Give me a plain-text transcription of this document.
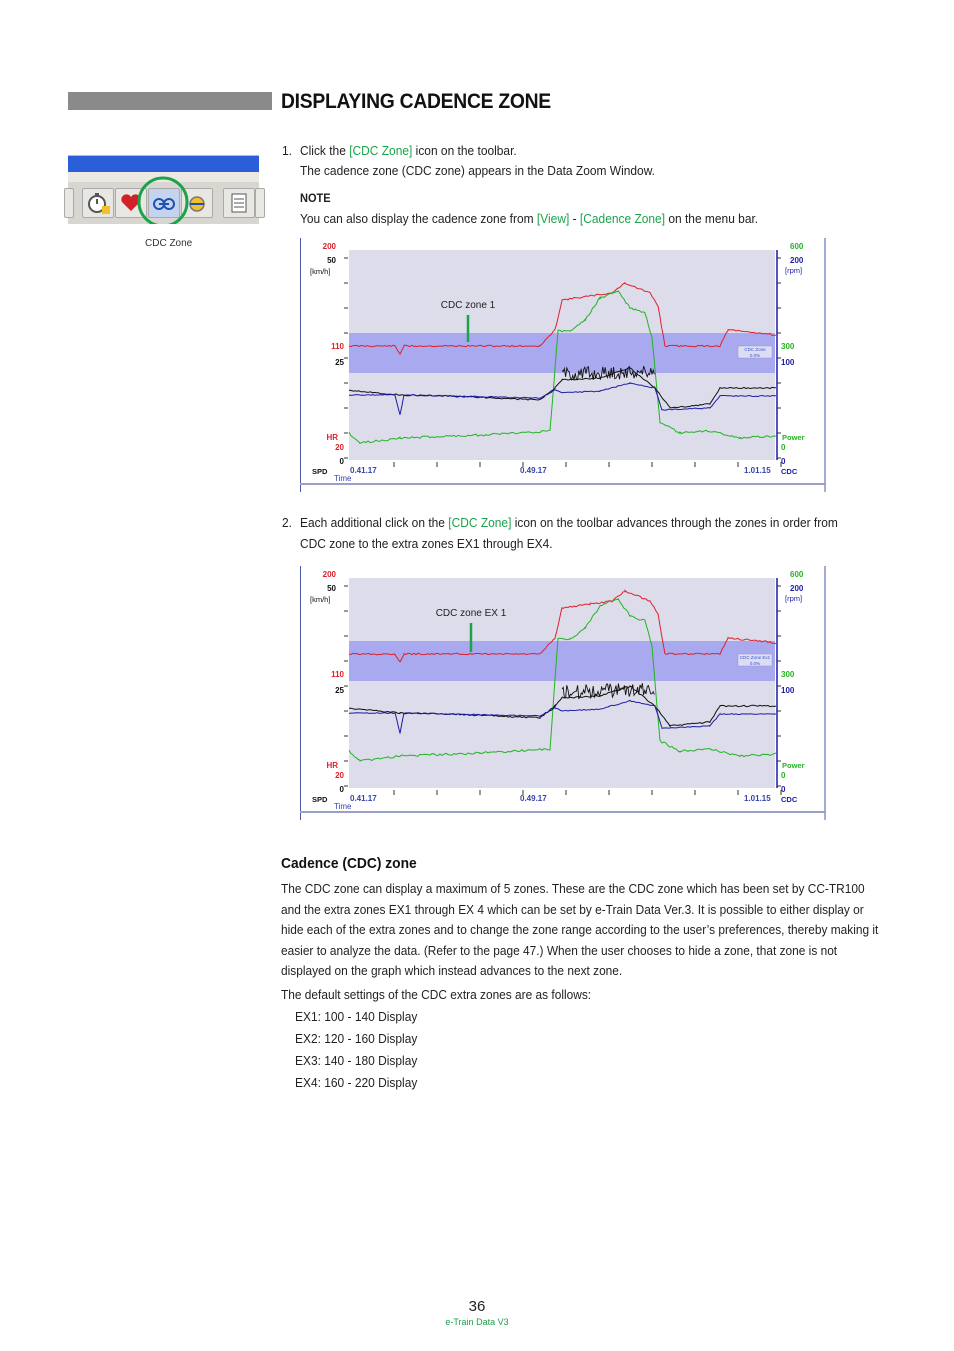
DISPLAYING CADENCE ZONE
CDC Zone
1. Click the [CDC Zone] icon on the toolbar.
The cadence zone (CDC zone) appears in the Data Zoom Window.
NOTE
You can also display the cadence zone from [View] - [Cadence Zone] on the menu bar.
CDC Zone
0.0%
200
50
[km/h]
110
25
HR
20
0
SPD
600
200
[rpm]
300
100
Power
0
0
CDC
0.41.17	0.49.17	1.01.15
Time
CDC zone 1
2. Each additional click on the [CDC Zone] icon on the toolbar advances through the zones in order from
CDC zone to the extra zones EX1 through EX4.
CDC Zone Ex1
0.0%
200
50
[km/h]
110
25
HR
20
0
SPD
600
200
[rpm]
300
100
Power
0
0
CDC
0.41.17	0.49.17	1.01.15
Time
CDC zone EX 1
Cadence (CDC) zone
The CDC zone can display a maximum of 5 zones. These are the CDC zone which has been set by CC-TR100 and the extra zones EX1 through EX 4 which can be set by e-Train Data Ver.3. It is possible to either display or hide each of the extra zones and to change the zone range according to the user’s preferences, thereby making it easier to analyze the data. (Refer to the page 47.) When the user chooses to hide a zone, that zone is not displayed on the graph which instead advances to the next zone.
The default settings of the CDC extra zones are as follows:
EX1: 100 - 140 Display
EX2: 120 - 160 Display
EX3: 140 - 180 Display
EX4: 160 - 220 Display
36
e-Train Data V3
